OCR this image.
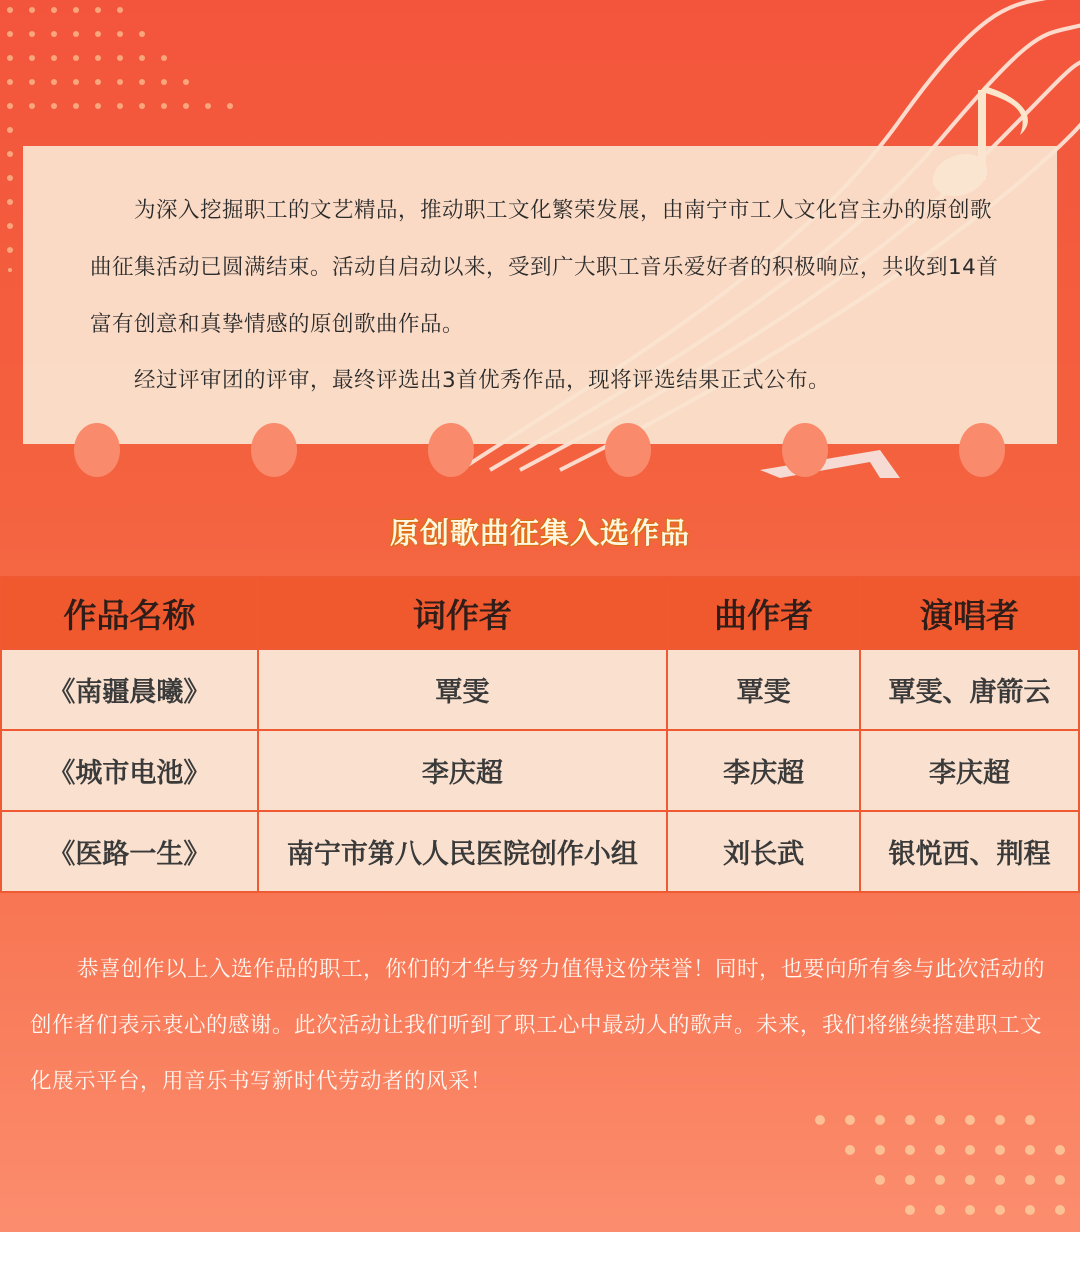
为深入挖掘职工的文艺精品，推动职工文化繁荣发展，由南宁市工人文化宫主办的原创歌曲征集活动已圆满结束。活动自启动以来，受到广大职工音乐爱好者的积极响应，共收到14首富有创意和真挚情感的原创歌曲作品。

经过评审团的评审，最终评选出3首优秀作品，现将评选结果正式公布。

原创歌曲征集入选作品
作品名称	词作者	曲作者	演唱者
《南疆晨曦》	覃雯	覃雯	覃雯、唐箭云
《城市电池》	李庆超	李庆超	李庆超
《医路一生》	南宁市第八人民医院创作小组	刘长武	银悦西、荆程

恭喜创作以上入选作品的职工，你们的才华与努力值得这份荣誉！同时，也要向所有参与此次活动的创作者们表示衷心的感谢。此次活动让我们听到了职工心中最动人的歌声。未来，我们将继续搭建职工文化展示平台，用音乐书写新时代劳动者的风采！
